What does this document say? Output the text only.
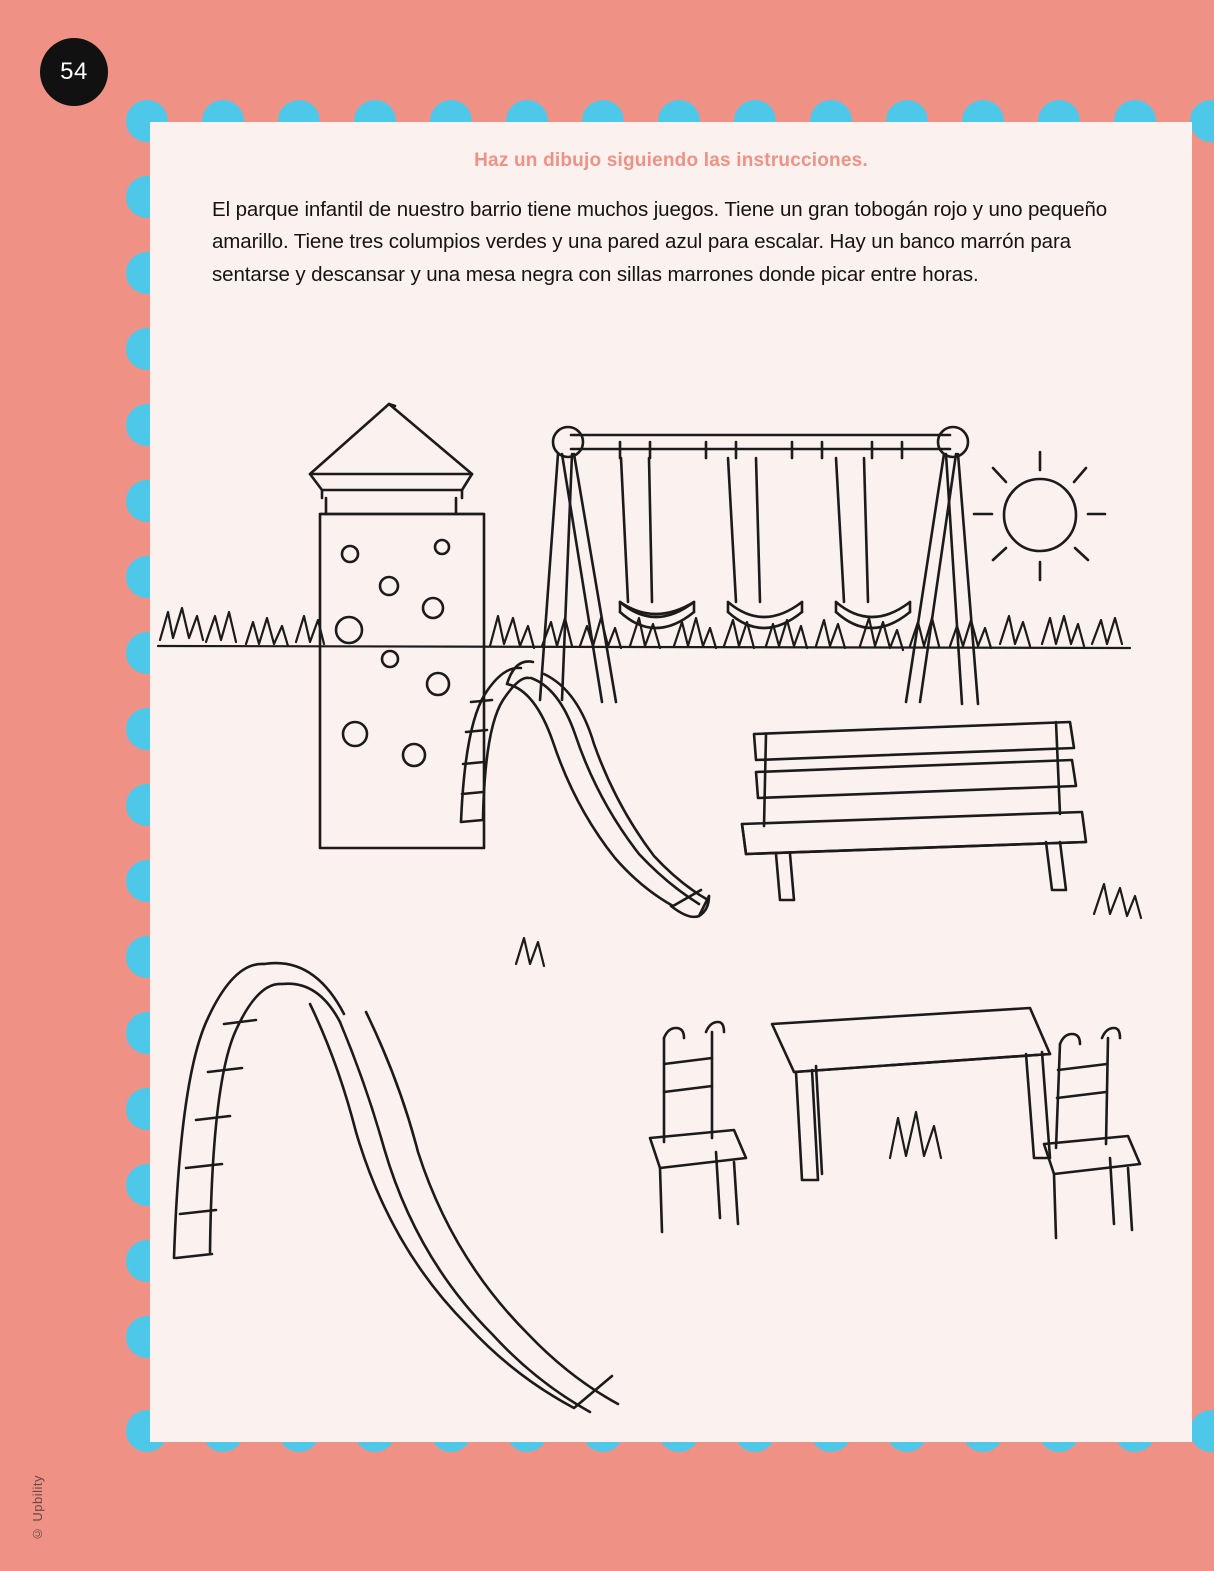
54
Haz un dibujo siguiendo las instrucciones.
El parque infantil de nuestro barrio tiene muchos juegos. Tiene un gran tobogán rojo y uno pequeño amarillo. Tiene tres columpios verdes y una pared azul para escalar. Hay un banco marrón para sentarse y descansar y una mesa negra con sillas marrones donde picar entre horas.
© Upbility
